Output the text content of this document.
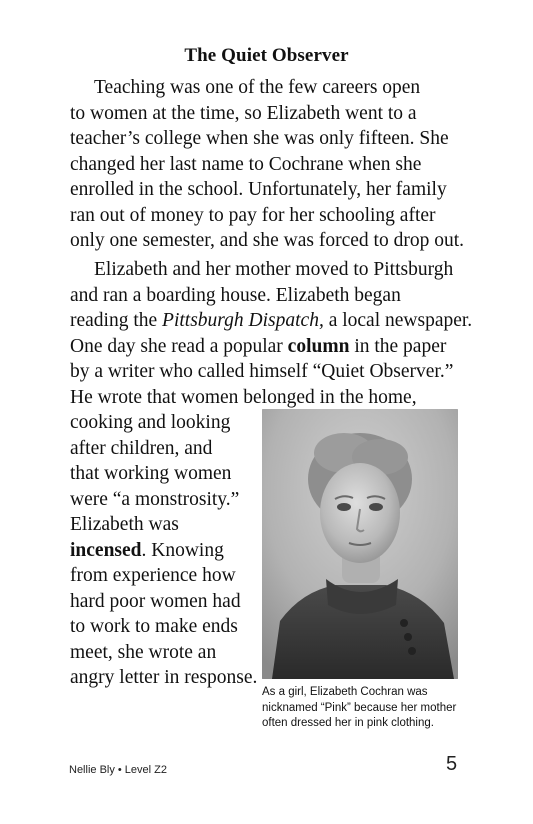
The Quiet Observer
Teaching was one of the few careers open
to women at the time, so Elizabeth went to a
teacher’s college when she was only fifteen. She
changed her last name to Cochrane when she
enrolled in the school. Unfortunately, her family
ran out of money to pay for her schooling after
only one semester, and she was forced to drop out.
Elizabeth and her mother moved to Pittsburgh
and ran a boarding house. Elizabeth began
reading the Pittsburgh Dispatch, a local newspaper.
One day she read a popular column in the paper
by a writer who called himself “Quiet Observer.”
He wrote that women belonged in the home,
cooking and looking
after children, and
that working women
were “a monstrosity.”
Elizabeth was
incensed. Knowing
from experience how
hard poor women had
to work to make ends
meet, she wrote an
angry letter in response.
As a girl, Elizabeth Cochran was
nicknamed “Pink” because her mother
often dressed her in pink clothing.
Nellie Bly • Level Z2	5
